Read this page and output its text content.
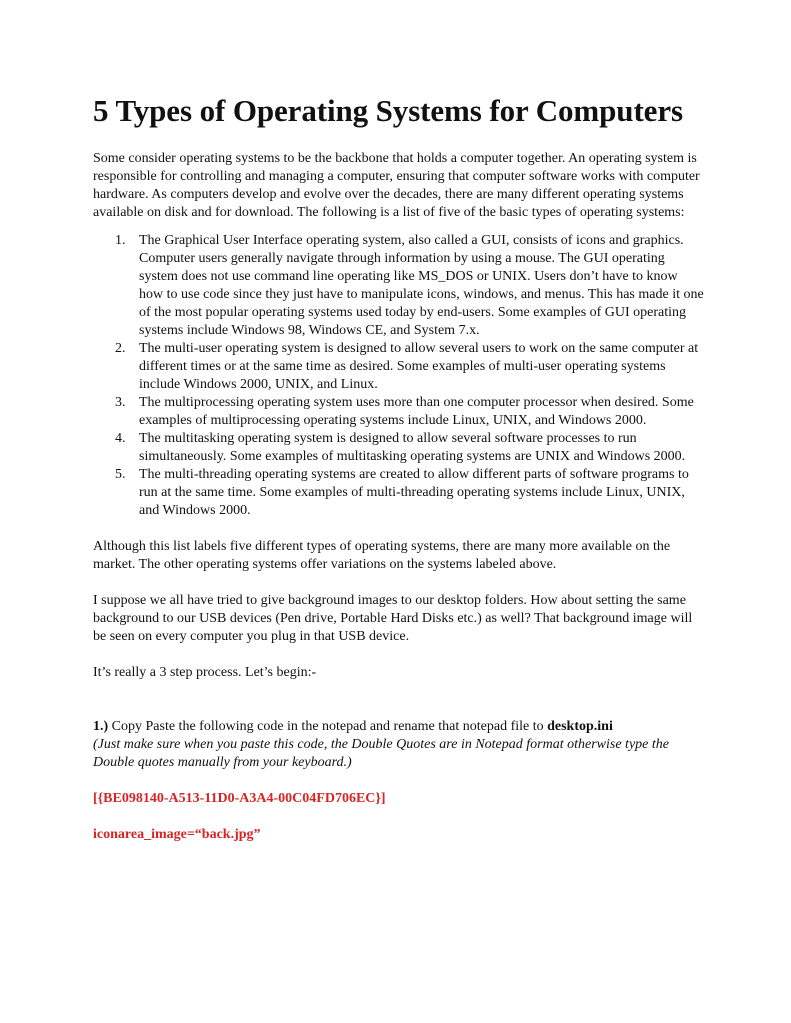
5 Types of Operating Systems for Computers

Some consider operating systems to be the backbone that holds a computer together. An operating system is responsible for controlling and managing a computer, ensuring that computer software works with computer hardware. As computers develop and evolve over the decades, there are many different operating systems available on disk and for download. The following is a list of five of the basic types of operating systems:

1. The Graphical User Interface operating system, also called a GUI, consists of icons and graphics. Computer users generally navigate through information by using a mouse. The GUI operating system does not use command line operating like MS_DOS or UNIX. Users don’t have to know how to use code since they just have to manipulate icons, windows, and menus. This has made it one of the most popular operating systems used today by end-users. Some examples of GUI operating systems include Windows 98, Windows CE, and System 7.x.
2. The multi-user operating system is designed to allow several users to work on the same computer at different times or at the same time as desired. Some examples of multi-user operating systems include Windows 2000, UNIX, and Linux.
3. The multiprocessing operating system uses more than one computer processor when desired. Some examples of multiprocessing operating systems include Linux, UNIX, and Windows 2000.
4. The multitasking operating system is designed to allow several software processes to run simultaneously. Some examples of multitasking operating systems are UNIX and Windows 2000.
5. The multi-threading operating systems are created to allow different parts of software programs to run at the same time. Some examples of multi-threading operating systems include Linux, UNIX, and Windows 2000.

Although this list labels five different types of operating systems, there are many more available on the market. The other operating systems offer variations on the systems labeled above.

I suppose we all have tried to give background images to our desktop folders. How about setting the same background to our USB devices (Pen drive, Portable Hard Disks etc.) as well? That background image will be seen on every computer you plug in that USB device.

It’s really a 3 step process. Let’s begin:-

1.) Copy Paste the following code in the notepad and rename that notepad file to desktop.ini
(Just make sure when you paste this code, the Double Quotes are in Notepad format otherwise type the Double quotes manually from your keyboard.)

[{BE098140-A513-11D0-A3A4-00C04FD706EC}]

iconarea_image=“back.jpg”
